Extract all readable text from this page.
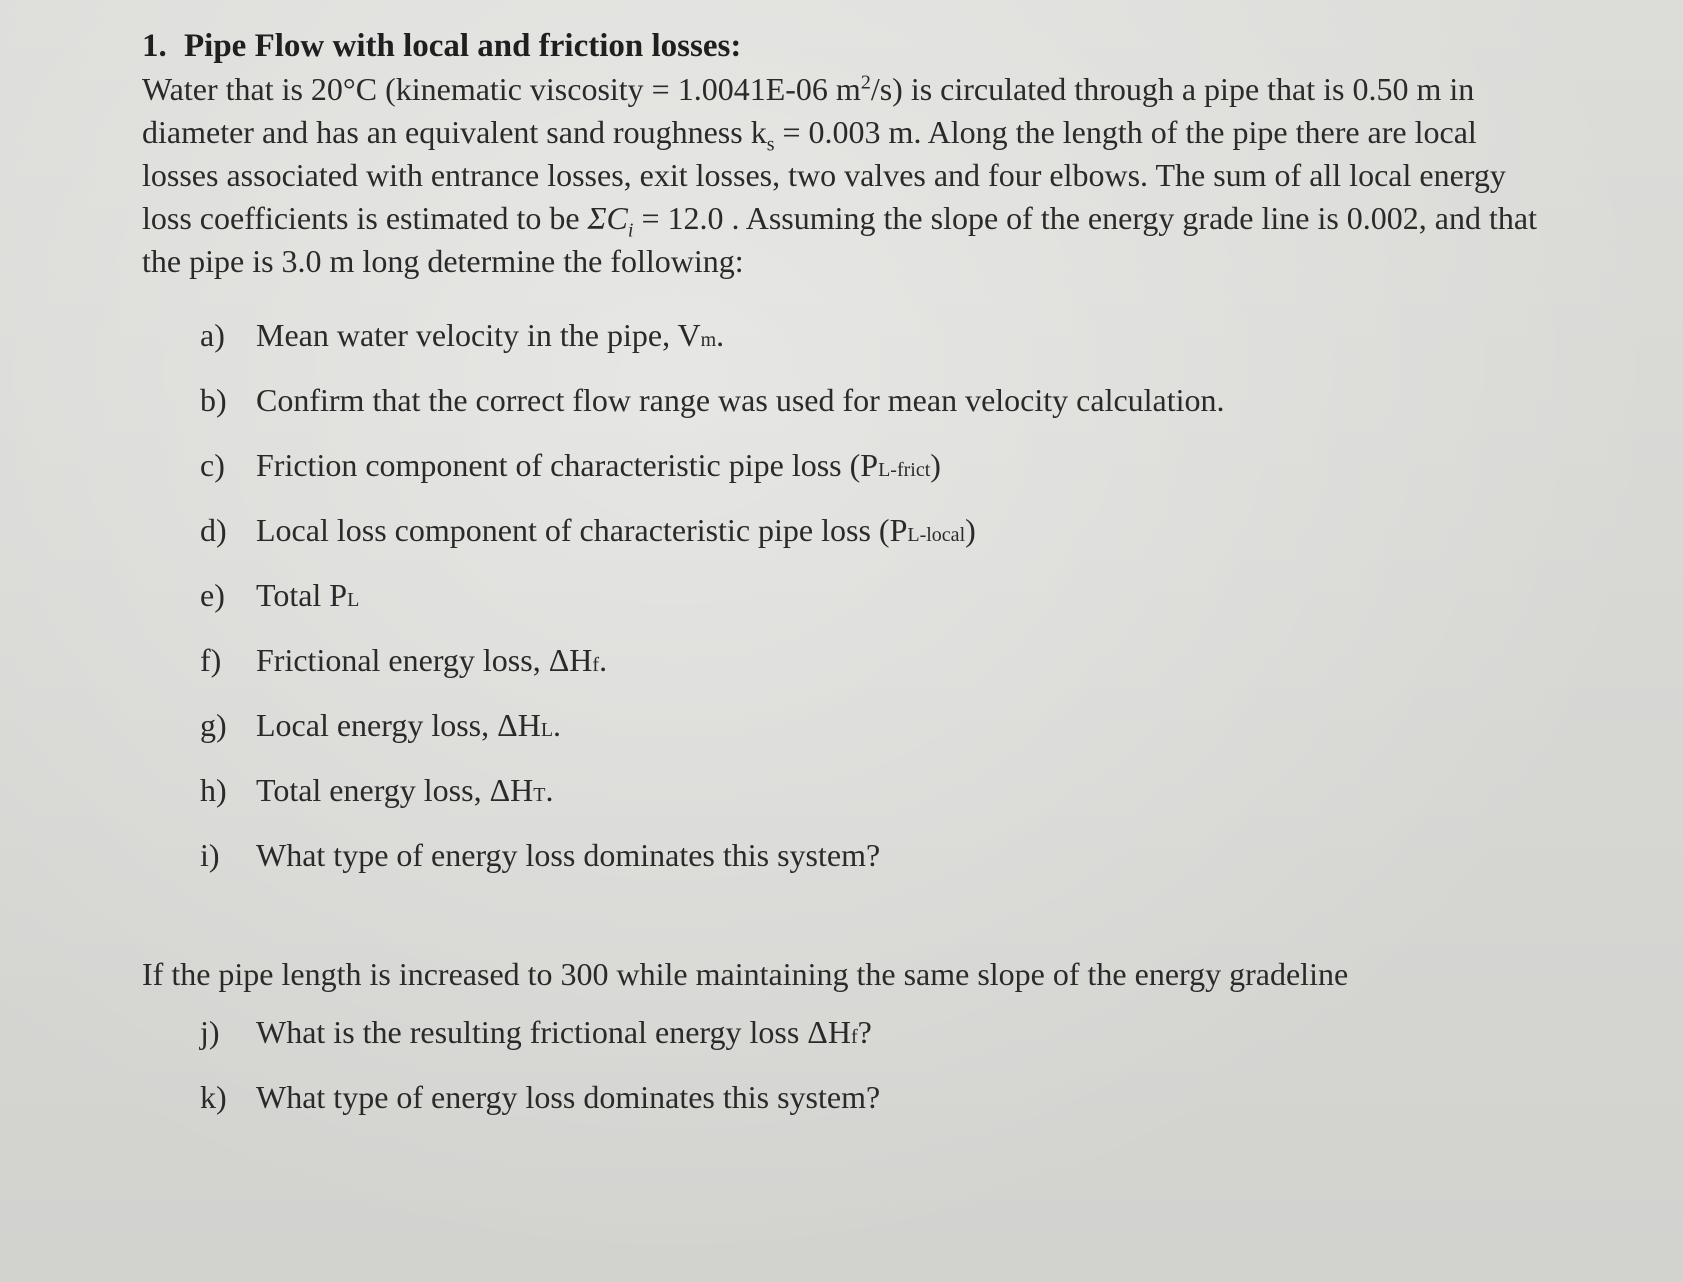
1. Pipe Flow with local and friction losses:

Water that is 20°C (kinematic viscosity = 1.0041E-06 $m^2/s$) is circulated through a pipe that is 0.50 m in diameter and has an equivalent sand roughness $k_s = 0.003$ m. Along the length of the pipe there are local losses associated with entrance losses, exit losses, two valves and four elbows. The sum of all local energy loss coefficients is estimated to be $\Sigma C_i = 12.0$ . Assuming the slope of the energy grade line is 0.002, and that the pipe is 3.0 m long determine the following:

a) Mean water velocity in the pipe, Vm.
b) Confirm that the correct flow range was used for mean velocity calculation.
c) Friction component of characteristic pipe loss (PL-frict)
d) Local loss component of characteristic pipe loss (PL-local)
e) Total PL
f)	Frictional energy loss, ΔHf.
g) Local energy loss, ΔHL.
h) Total energy loss, ΔHT.
i)	What type of energy loss dominates this system?

If the pipe length is increased to 300 while maintaining the same slope of the energy gradeline

j)	What is the resulting frictional energy loss ΔHf?
k) What type of energy loss dominates this system?
